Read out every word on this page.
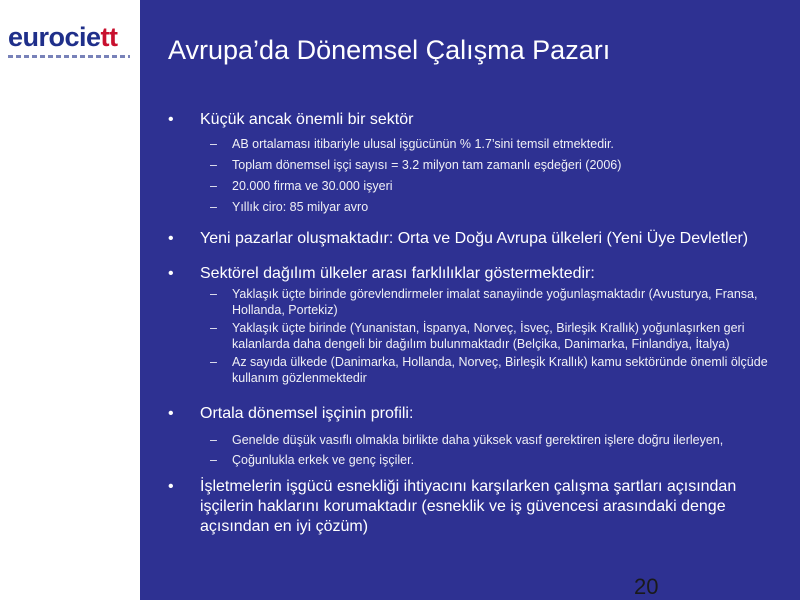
eurociett	Avrupa’da Dönemsel Çalışma Pazarı
• Küçük ancak önemli bir sektör
– AB ortalaması itibariyle ulusal işgücünün % 1.7’sini temsil etmektedir.
– Toplam dönemsel işçi sayısı = 3.2 milyon tam zamanlı eşdeğeri (2006)
– 20.000 firma ve 30.000 işyeri
– Yıllık ciro: 85 milyar avro
• Yeni pazarlar oluşmaktadır: Orta ve Doğu Avrupa ülkeleri (Yeni Üye Devletler)
• Sektörel dağılım ülkeler arası farklılıklar göstermektedir:
– Yaklaşık üçte birinde görevlendirmeler imalat sanayiinde yoğunlaşmaktadır (Avusturya, Fransa, Hollanda, Portekiz)
– Yaklaşık üçte birinde (Yunanistan, İspanya, Norveç, İsveç, Birleşik Krallık) yoğunlaşırken geri kalanlarda daha dengeli bir dağılım bulunmaktadır (Belçika, Danimarka, Finlandiya, İtalya)
– Az sayıda ülkede (Danimarka, Hollanda, Norveç, Birleşik Krallık) kamu sektöründe önemli ölçüde kullanım gözlenmektedir
• Ortala dönemsel işçinin profili:
– Genelde düşük vasıflı olmakla birlikte daha yüksek vasıf gerektiren işlere doğru ilerleyen,
– Çoğunlukla erkek ve genç işçiler.
• İşletmelerin işgücü esnekliği ihtiyacını karşılarken çalışma şartları açısından işçilerin haklarını korumaktadır (esneklik ve iş güvencesi arasındaki denge açısından en iyi çözüm)
20
